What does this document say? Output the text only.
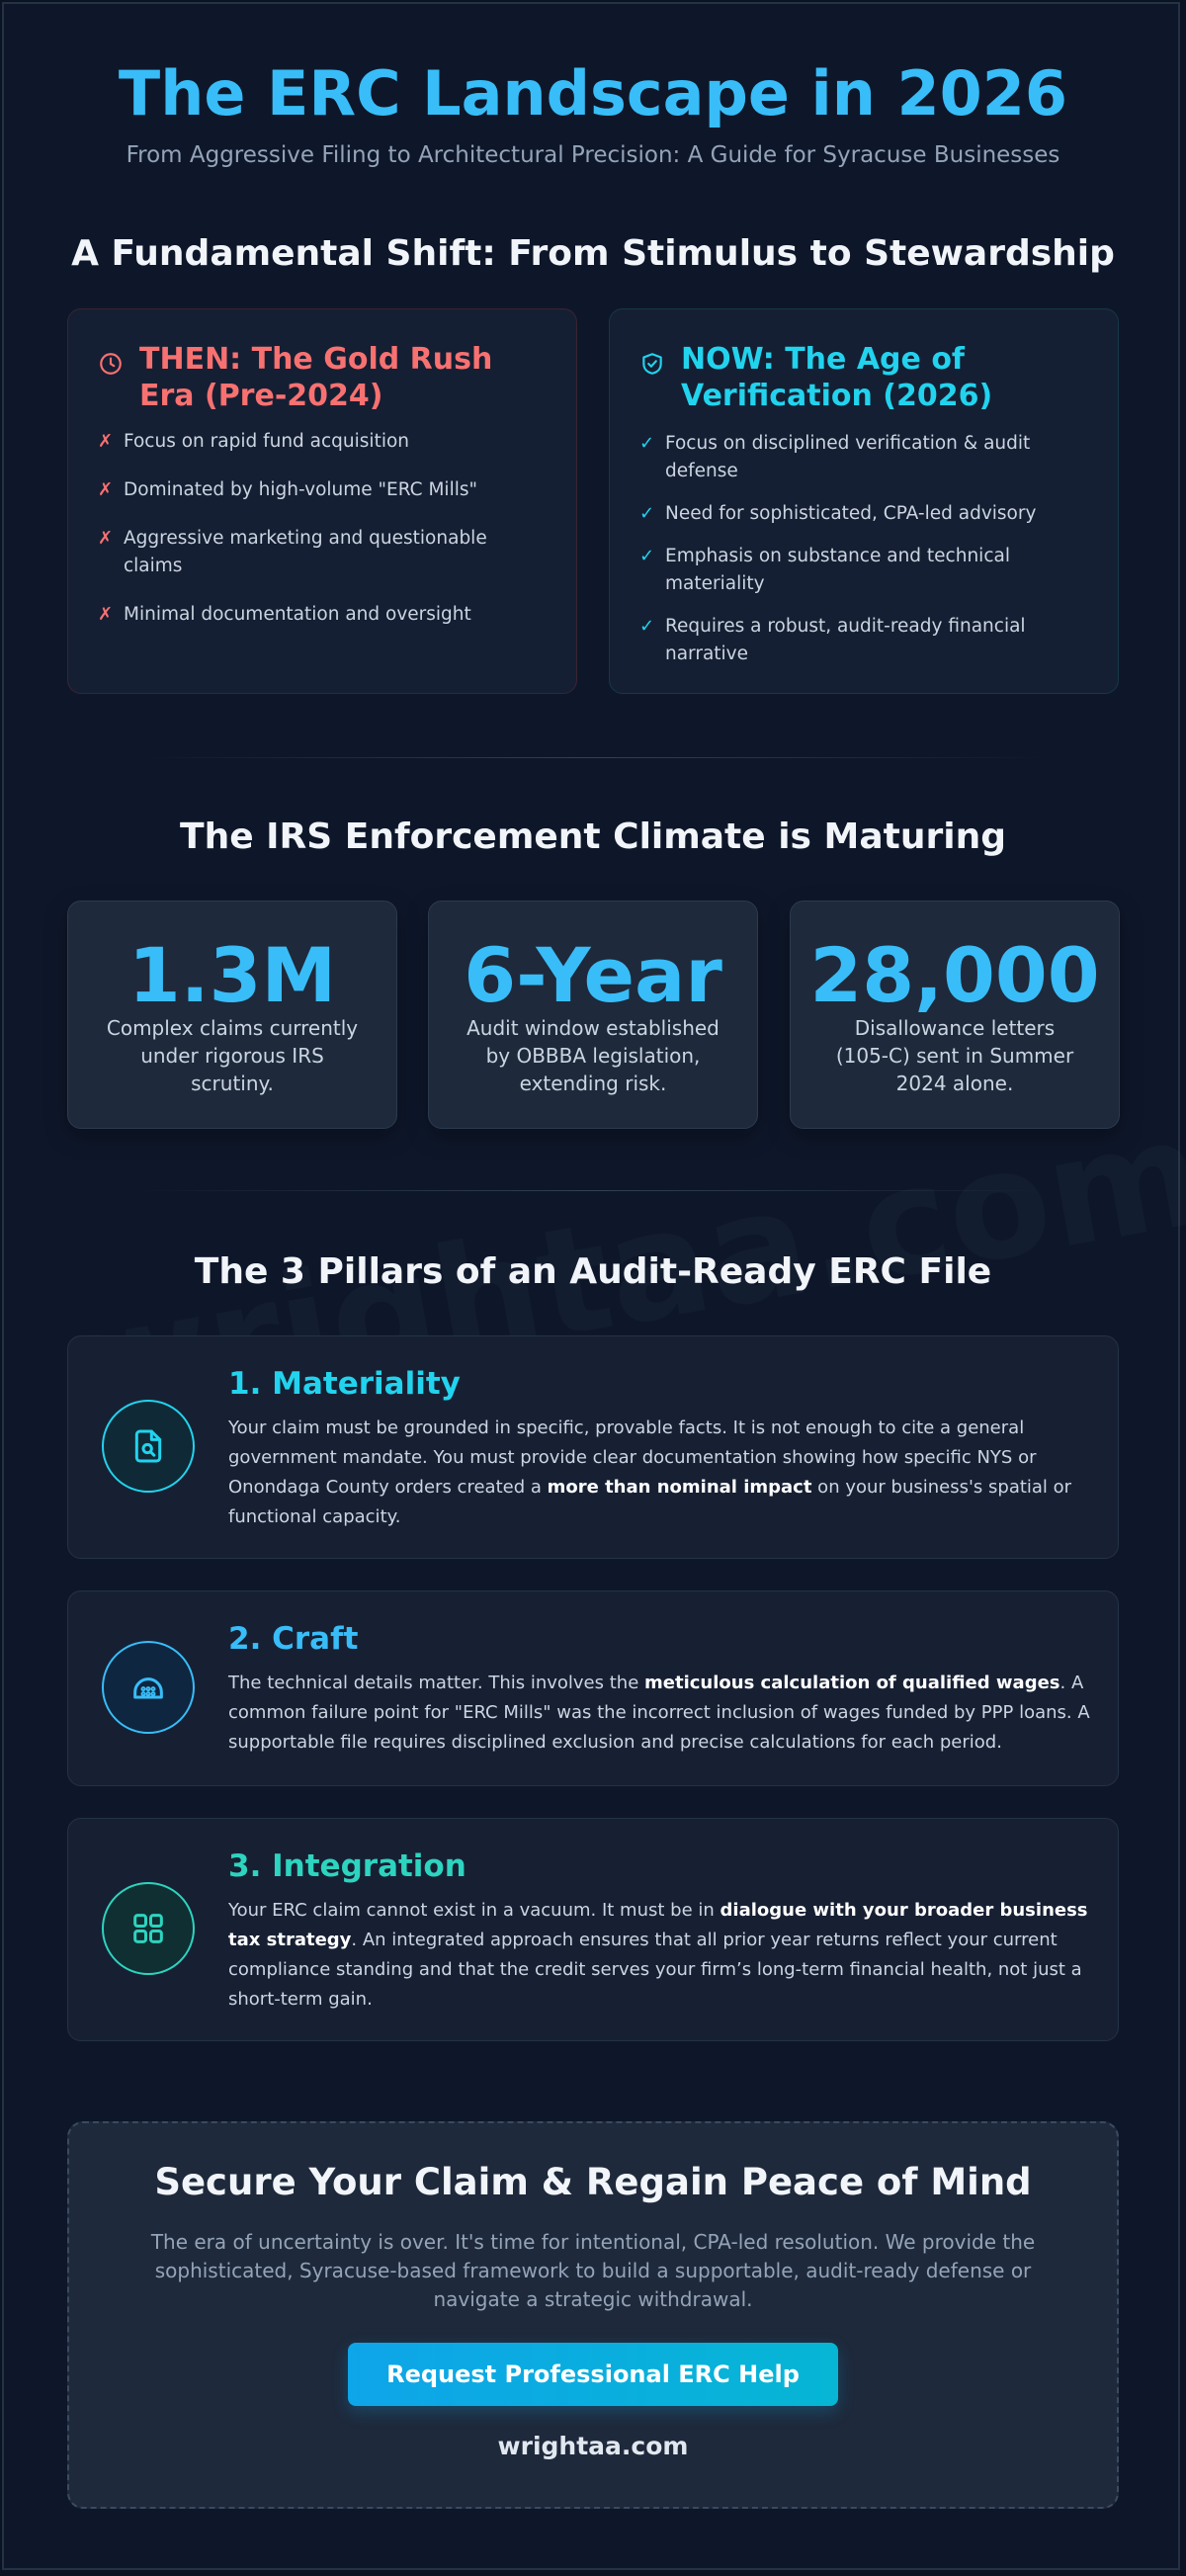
The ERC Landscape in 2026

From Aggressive Filing to Architectural Precision: A Guide for Syracuse Businesses

A Fundamental Shift: From Stimulus to Stewardship
THEN: The Gold Rush Era (Pre-2024)
✗ Focus on rapid fund acquisition
✗ Dominated by high-volume "ERC Mills"
✗ Aggressive marketing and questionable claims
✗ Minimal documentation and oversight
NOW: The Age of Verification (2026)
✓ Focus on disciplined verification & audit defense
✓ Need for sophisticated, CPA-led advisory
✓ Emphasis on substance and technical materiality
✓ Requires a robust, audit-ready financial narrative
The IRS Enforcement Climate is Maturing

1.3M

Complex claims currently under rigorous IRS scrutiny.

6-Year

Audit window established by OBBBA legislation, extending risk.

28,000

Disallowance letters (105-C) sent in Summer 2024 alone.

The 3 Pillars of an Audit-Ready ERC File
1. Materiality

Your claim must be grounded in specific, provable facts. It is not enough to cite a general government mandate. You must provide clear documentation showing how specific NYS or Onondaga County orders created a more than nominal impact on your business's spatial or functional capacity.

2. Craft

The technical details matter. This involves the meticulous calculation of qualified wages. A common failure point for "ERC Mills" was the incorrect inclusion of wages funded by PPP loans. A supportable file requires disciplined exclusion and precise calculations for each period.

3. Integration

Your ERC claim cannot exist in a vacuum. It must be in dialogue with your broader business tax strategy. An integrated approach ensures that all prior year returns reflect your current compliance standing and that the credit serves your firm’s long-term financial health, not just a short-term gain.

Secure Your Claim & Regain Peace of Mind

The era of uncertainty is over. It's time for intentional, CPA-led resolution. We provide the sophisticated, Syracuse-based framework to build a supportable, audit-ready defense or navigate a strategic withdrawal.

Request Professional ERC Help
wrightaa.com
